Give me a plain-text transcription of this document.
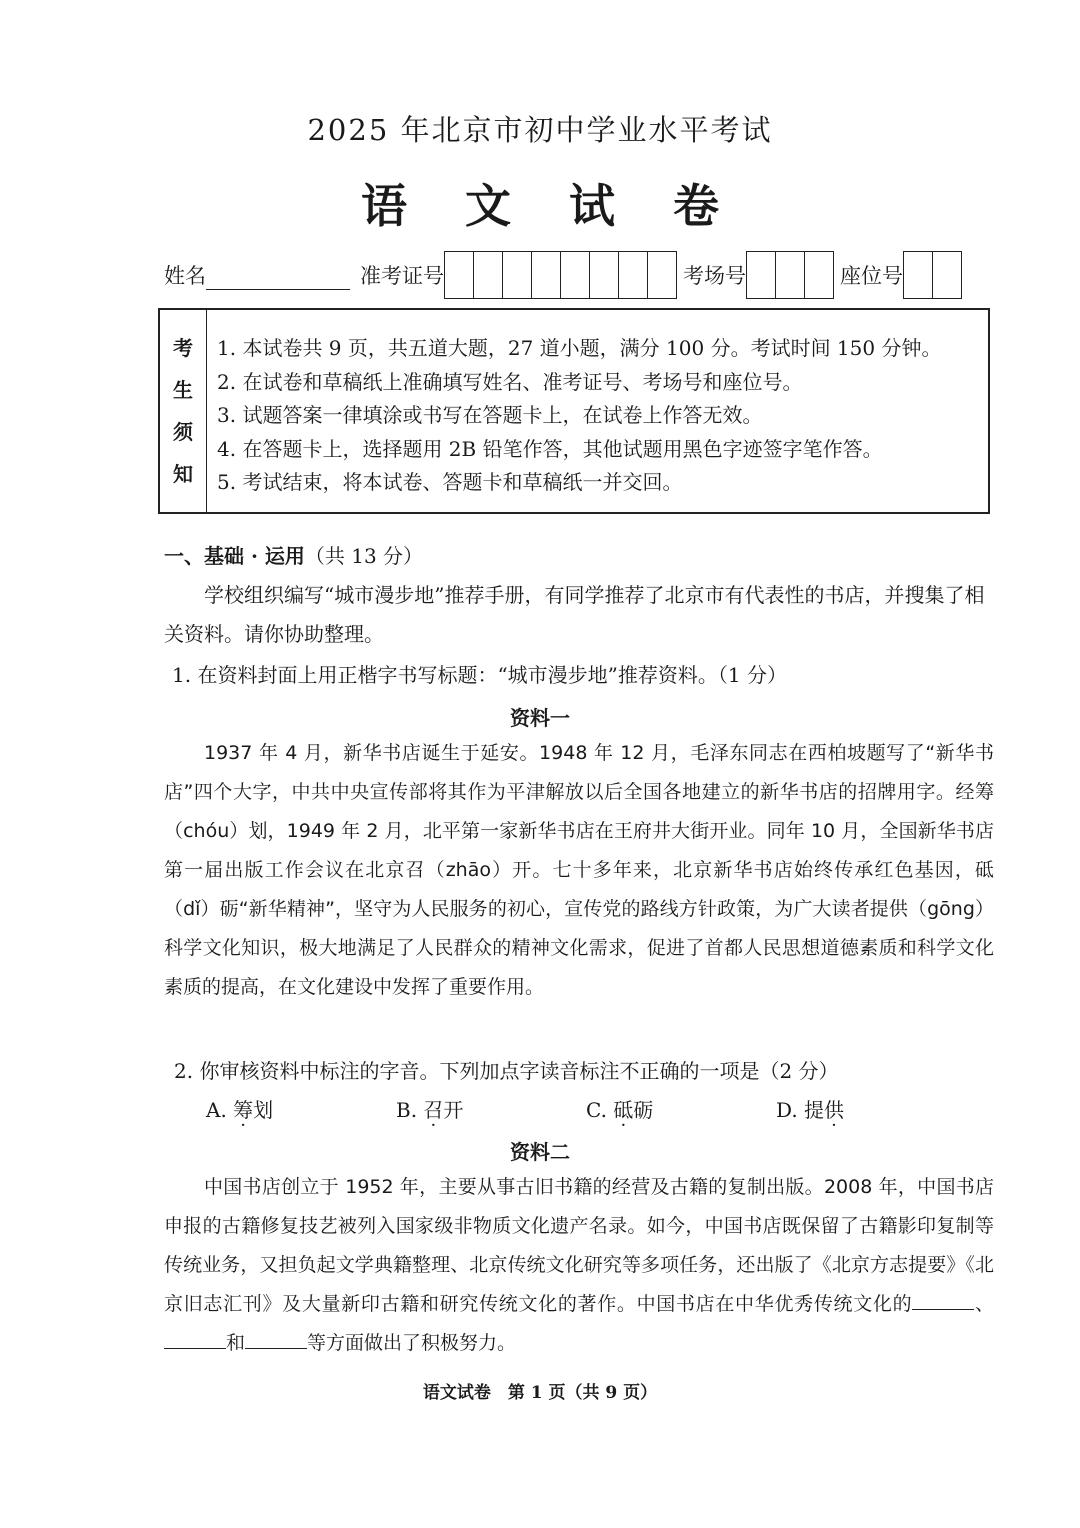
2025 年北京市初中学业水平考试
语文试卷
姓名	准考证号	考场号	座位号
考
生
须
知
1. 本试卷共 9 页，共五道大题，27 道小题，满分 100 分。考试时间 150 分钟。
2. 在试卷和草稿纸上准确填写姓名、准考证号、考场号和座位号。
3. 试题答案一律填涂或书写在答题卡上，在试卷上作答无效。
4. 在答题卡上，选择题用 2B 铅笔作答，其他试题用黑色字迹签字笔作答。
5. 考试结束，将本试卷、答题卡和草稿纸一并交回。
一、基础 · 运用（共 13 分）
学校组织编写“城市漫步地”推荐手册，有同学推荐了北京市有代表性的书店，并搜集了相关资料。请你协助整理。
1. 在资料封面上用正楷字书写标题：“城市漫步地”推荐资料。（1 分）
资料一
1937 年 4 月，新华书店诞生于延安。1948 年 12 月，毛泽东同志在西柏坡题写了“新华书店”四个大字，中共中央宣传部将其作为平津解放以后全国各地建立的新华书店的招牌用字。经筹（chóu）划，1949 年 2 月，北平第一家新华书店在王府井大街开业。同年 10 月，全国新华书店第一届出版工作会议在北京召（zhāo）开。七十多年来，北京新华书店始终传承红色基因，砥（dǐ）砺“新华精神”，坚守为人民服务的初心，宣传党的路线方针政策，为广大读者提供（gōng）科学文化知识，极大地满足了人民群众的精神文化需求，促进了首都人民思想道德素质和科学文化素质的提高，在文化建设中发挥了重要作用。
2. 你审核资料中标注的字音。下列加点字读音标注不正确的一项是（2 分）
A. 筹划	B. 召开	C. 砥砺	D. 提供
资料二
中国书店创立于 1952 年，主要从事古旧书籍的经营及古籍的复制出版。2008 年，中国书店申报的古籍修复技艺被列入国家级非物质文化遗产名录。如今，中国书店既保留了古籍影印复制等传统业务，又担负起文学典籍整理、北京传统文化研究等多项任务，还出版了《北京方志提要》《北京旧志汇刊》及大量新印古籍和研究传统文化的著作。中国书店在中华优秀传统文化的	、和	等方面做出了积极努力。
语文试卷　第 1 页（共 9 页）
